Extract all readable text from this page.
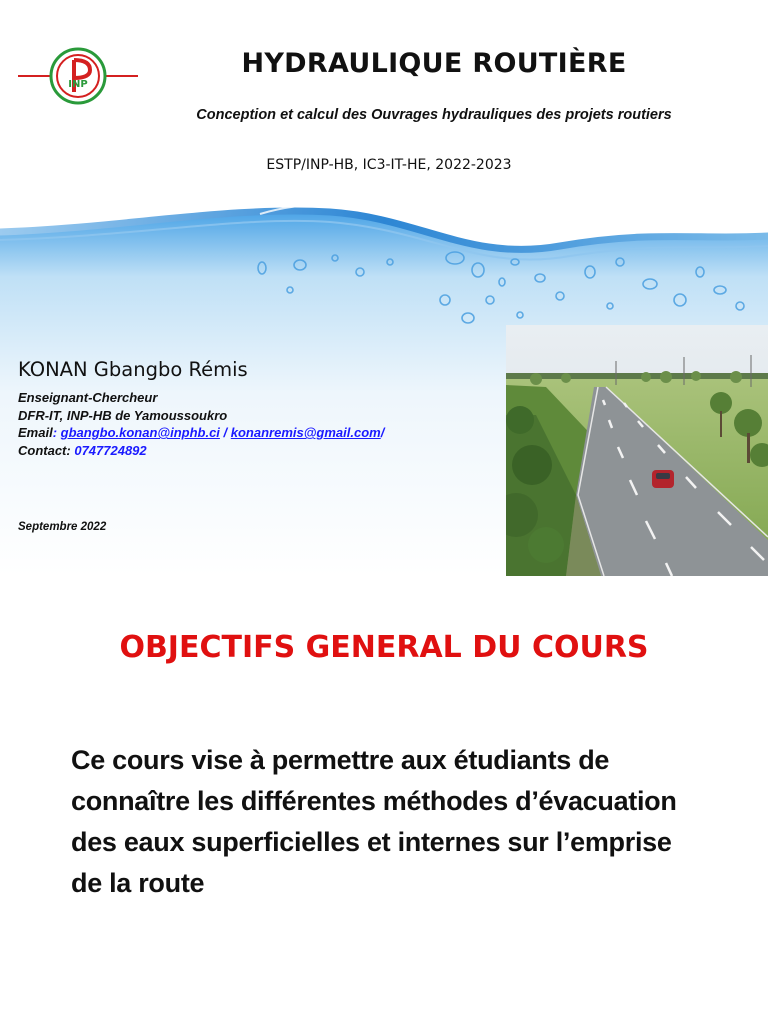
INP
HYDRAULIQUE ROUTIÈRE
Conception et calcul des Ouvrages hydrauliques des projets routiers
ESTP/INP-HB, IC3-IT-HE, 2022-2023
KONAN Gbangbo Rémis
Enseignant-Chercheur
DFR-IT, INP-HB de Yamoussoukro
Email: gbangbo.konan@inphb.ci / konanremis@gmail.com/
Contact: 0747724892
Septembre 2022
OBJECTIFS GENERAL DU COURS
Ce cours vise à permettre aux étudiants de
connaître les différentes méthodes d’évacuation
des eaux superficielles et internes sur l’emprise
de la route
